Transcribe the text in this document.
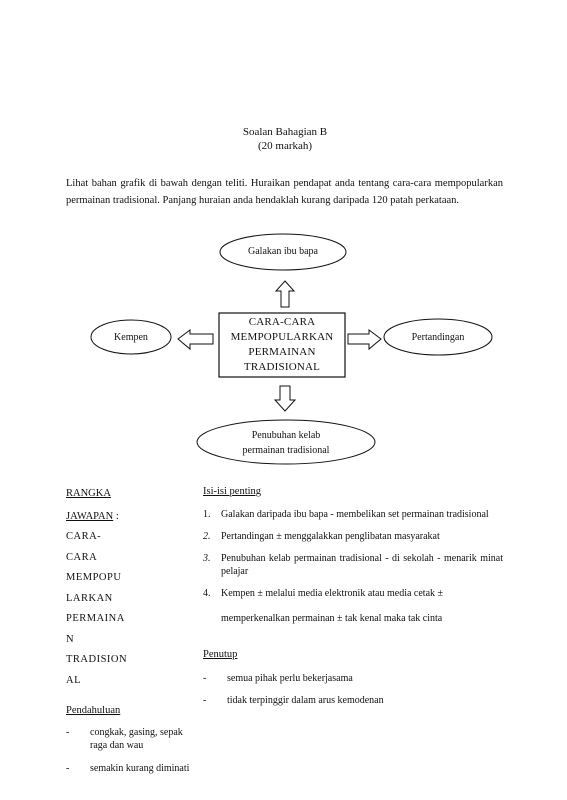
Soalan Bahagian B
(20 markah)
Lihat bahan grafik di bawah dengan teliti. Huraikan pendapat anda tentang cara-cara mempopularkan permainan tradisional. Panjang huraian anda hendaklah kurang daripada 120 patah perkataan.
Galakan ibu bapa
Kempen	Pertandingan
Penubuhan kelab
permainan tradisional
CARA-CARA
MEMPOPULARKAN
PERMAINAN
TRADISIONAL
RANGKA
JAWAPAN :
CARA-
CARA
MEMPOPU
LARKAN
PERMAINA
N
TRADISION
AL
Pendahuluan
-	congkak, gasing, sepak raga dan wau
-	semakin kurang diminati
Isi-isi penting
1.	Galakan daripada ibu bapa - membelikan set permainan tradisional
2.	Pertandingan ± menggalakkan penglibatan masyarakat
3.	Penubuhan kelab permainan tradisional - di sekolah - menarik minat pelajar
4.	Kempen ± melalui media elektronik atau media cetak ±
memperkenalkan permainan ± tak kenal maka tak cinta
Penutup
-	semua pihak perlu bekerjasama
-	tidak terpinggir dalam arus kemodenan
